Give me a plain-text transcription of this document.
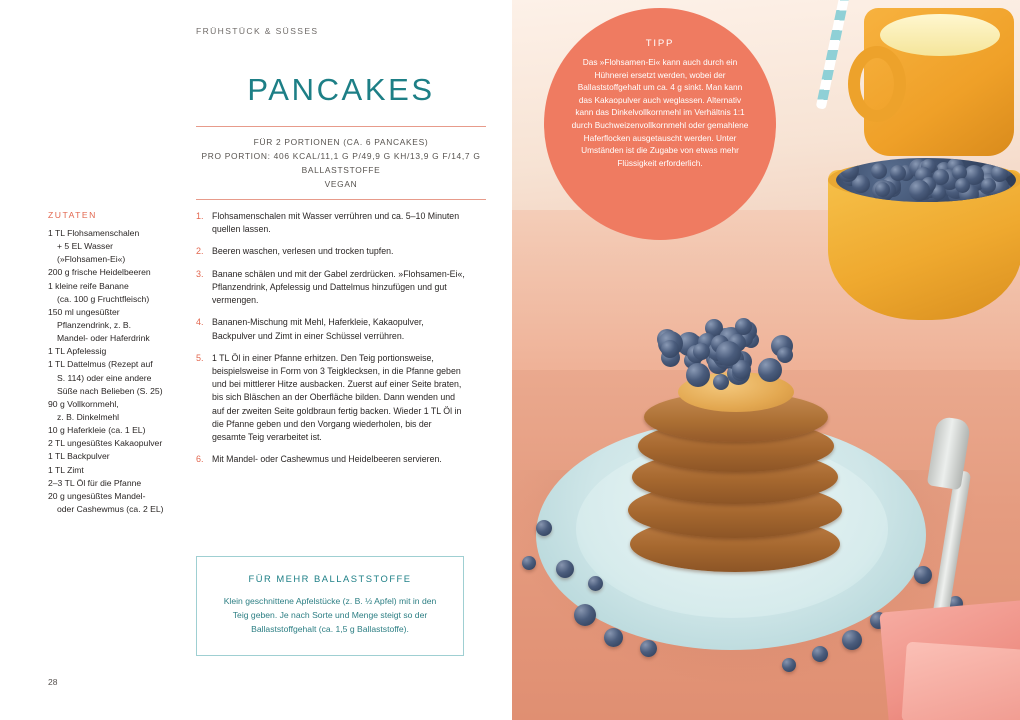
FRÜHSTÜCK & SÜSSES
PANCAKES
FÜR 2 PORTIONEN (CA. 6 PANCAKES)
PRO PORTION: 406 KCAL/11,1 G P/49,9 G KH/13,9 G F/14,7 G BALLASTSTOFFE
VEGAN
ZUTATEN
1 TL Flohsamenschalen
+ 5 EL Wasser
(»Flohsamen-Ei«)
200 g frische Heidelbeeren
1 kleine reife Banane
(ca. 100 g Fruchtfleisch)
150 ml ungesüßter
Pflanzendrink, z. B.
Mandel- oder Haferdrink
1 TL Apfelessig
1 TL Dattelmus (Rezept auf
S. 114) oder eine andere
Süße nach Belieben (S. 25)
90 g Vollkornmehl,
z. B. Dinkelmehl
10 g Haferkleie (ca. 1 EL)
2 TL ungesüßtes Kakaopulver
1 TL Backpulver
1 TL Zimt
2–3 TL Öl für die Pfanne
20 g ungesüßtes Mandel-
oder Cashewmus (ca. 2 EL)
1. Flohsamenschalen mit Wasser verrühren und ca. 5–10 Minuten quellen lassen.
2. Beeren waschen, verlesen und trocken tupfen.
3. Banane schälen und mit der Gabel zerdrücken. »Flohsamen-Ei«, Pflanzendrink, Apfelessig und Dattelmus hinzufügen und gut vermengen.
4. Bananen-Mischung mit Mehl, Haferkleie, Kakaopulver, Backpulver und Zimt in einer Schüssel verrühren.
5. 1 TL Öl in einer Pfanne erhitzen. Den Teig portionsweise, beispielsweise in Form von 3 Teigklecksen, in die Pfanne geben und bei mittlerer Hitze ausbacken. Zuerst auf einer Seite braten, bis sich Bläschen an der Oberfläche bilden. Dann wenden und auf der zweiten Seite goldbraun fertig backen. Wieder 1 TL Öl in die Pfanne geben und den Vorgang wiederholen, bis der gesamte Teig verarbeitet ist.
6. Mit Mandel- oder Cashewmus und Heidelbeeren servieren.
FÜR MEHR BALLASTSTOFFE
Klein geschnittene Apfelstücke (z. B. ½ Apfel) mit in den Teig geben. Je nach Sorte und Menge steigt so der Ballaststoffgehalt (ca. 1,5 g Ballaststoffe).
28
TIPP
Das »Flohsamen-Ei« kann auch durch ein Hühnerei ersetzt werden, wobei der Ballaststoffgehalt um ca. 4 g sinkt. Man kann das Kakaopulver auch weglassen. Alternativ kann das Dinkelvollkornmehl im Verhältnis 1:1 durch Buchweizenvollkornmehl oder gemahlene Haferflocken ausgetauscht werden. Unter Umständen ist die Zugabe von etwas mehr Flüssigkeit erforderlich.
